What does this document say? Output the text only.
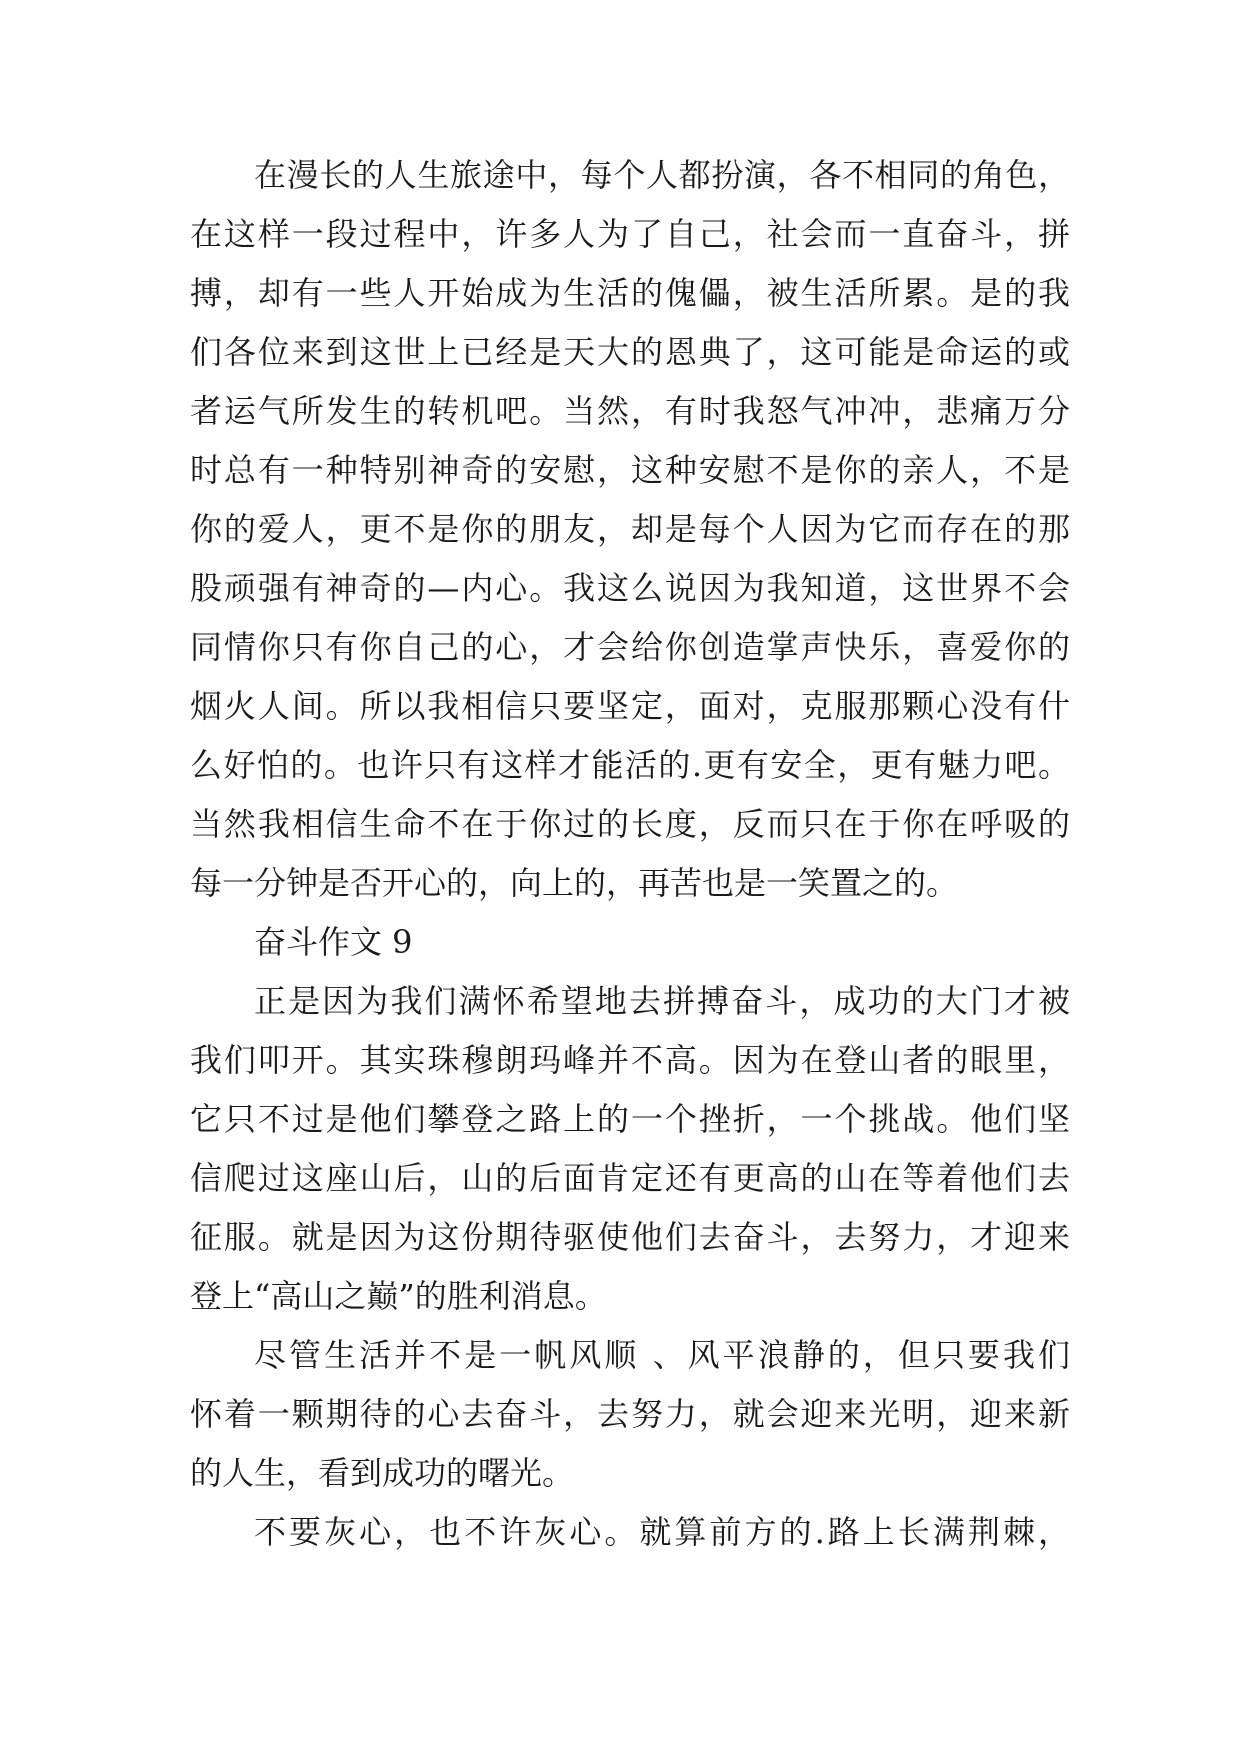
在漫长的人生旅途中，每个人都扮演，各不相同的角色，
在这样一段过程中，许多人为了自己，社会而一直奋斗，拼
搏，却有一些人开始成为生活的傀儡，被生活所累。是的我
们各位来到这世上已经是天大的恩典了，这可能是命运的或
者运气所发生的转机吧。当然，有时我怒气冲冲，悲痛万分
时总有一种特别神奇的安慰，这种安慰不是你的亲人，不是
你的爱人，更不是你的朋友，却是每个人因为它而存在的那
股顽强有神奇的—内心。我这么说因为我知道，这世界不会
同情你只有你自己的心，才会给你创造掌声快乐，喜爱你的
烟火人间。所以我相信只要坚定，面对，克服那颗心没有什
么好怕的。也许只有这样才能活的.更有安全，更有魅力吧。
当然我相信生命不在于你过的长度，反而只在于你在呼吸的
每一分钟是否开心的，向上的，再苦也是一笑置之的。
奋斗作文 9
正是因为我们满怀希望地去拼搏奋斗，成功的大门才被
我们叩开。其实珠穆朗玛峰并不高。因为在登山者的眼里，
它只不过是他们攀登之路上的一个挫折，一个挑战。他们坚
信爬过这座山后，山的后面肯定还有更高的山在等着他们去
征服。就是因为这份期待驱使他们去奋斗，去努力，才迎来
登上“高山之巅”的胜利消息。
尽管生活并不是一帆风顺 、风平浪静的，但只要我们
怀着一颗期待的心去奋斗，去努力，就会迎来光明，迎来新
的人生，看到成功的曙光。
不要灰心，也不许灰心。就算前方的.路上长满荆棘，
